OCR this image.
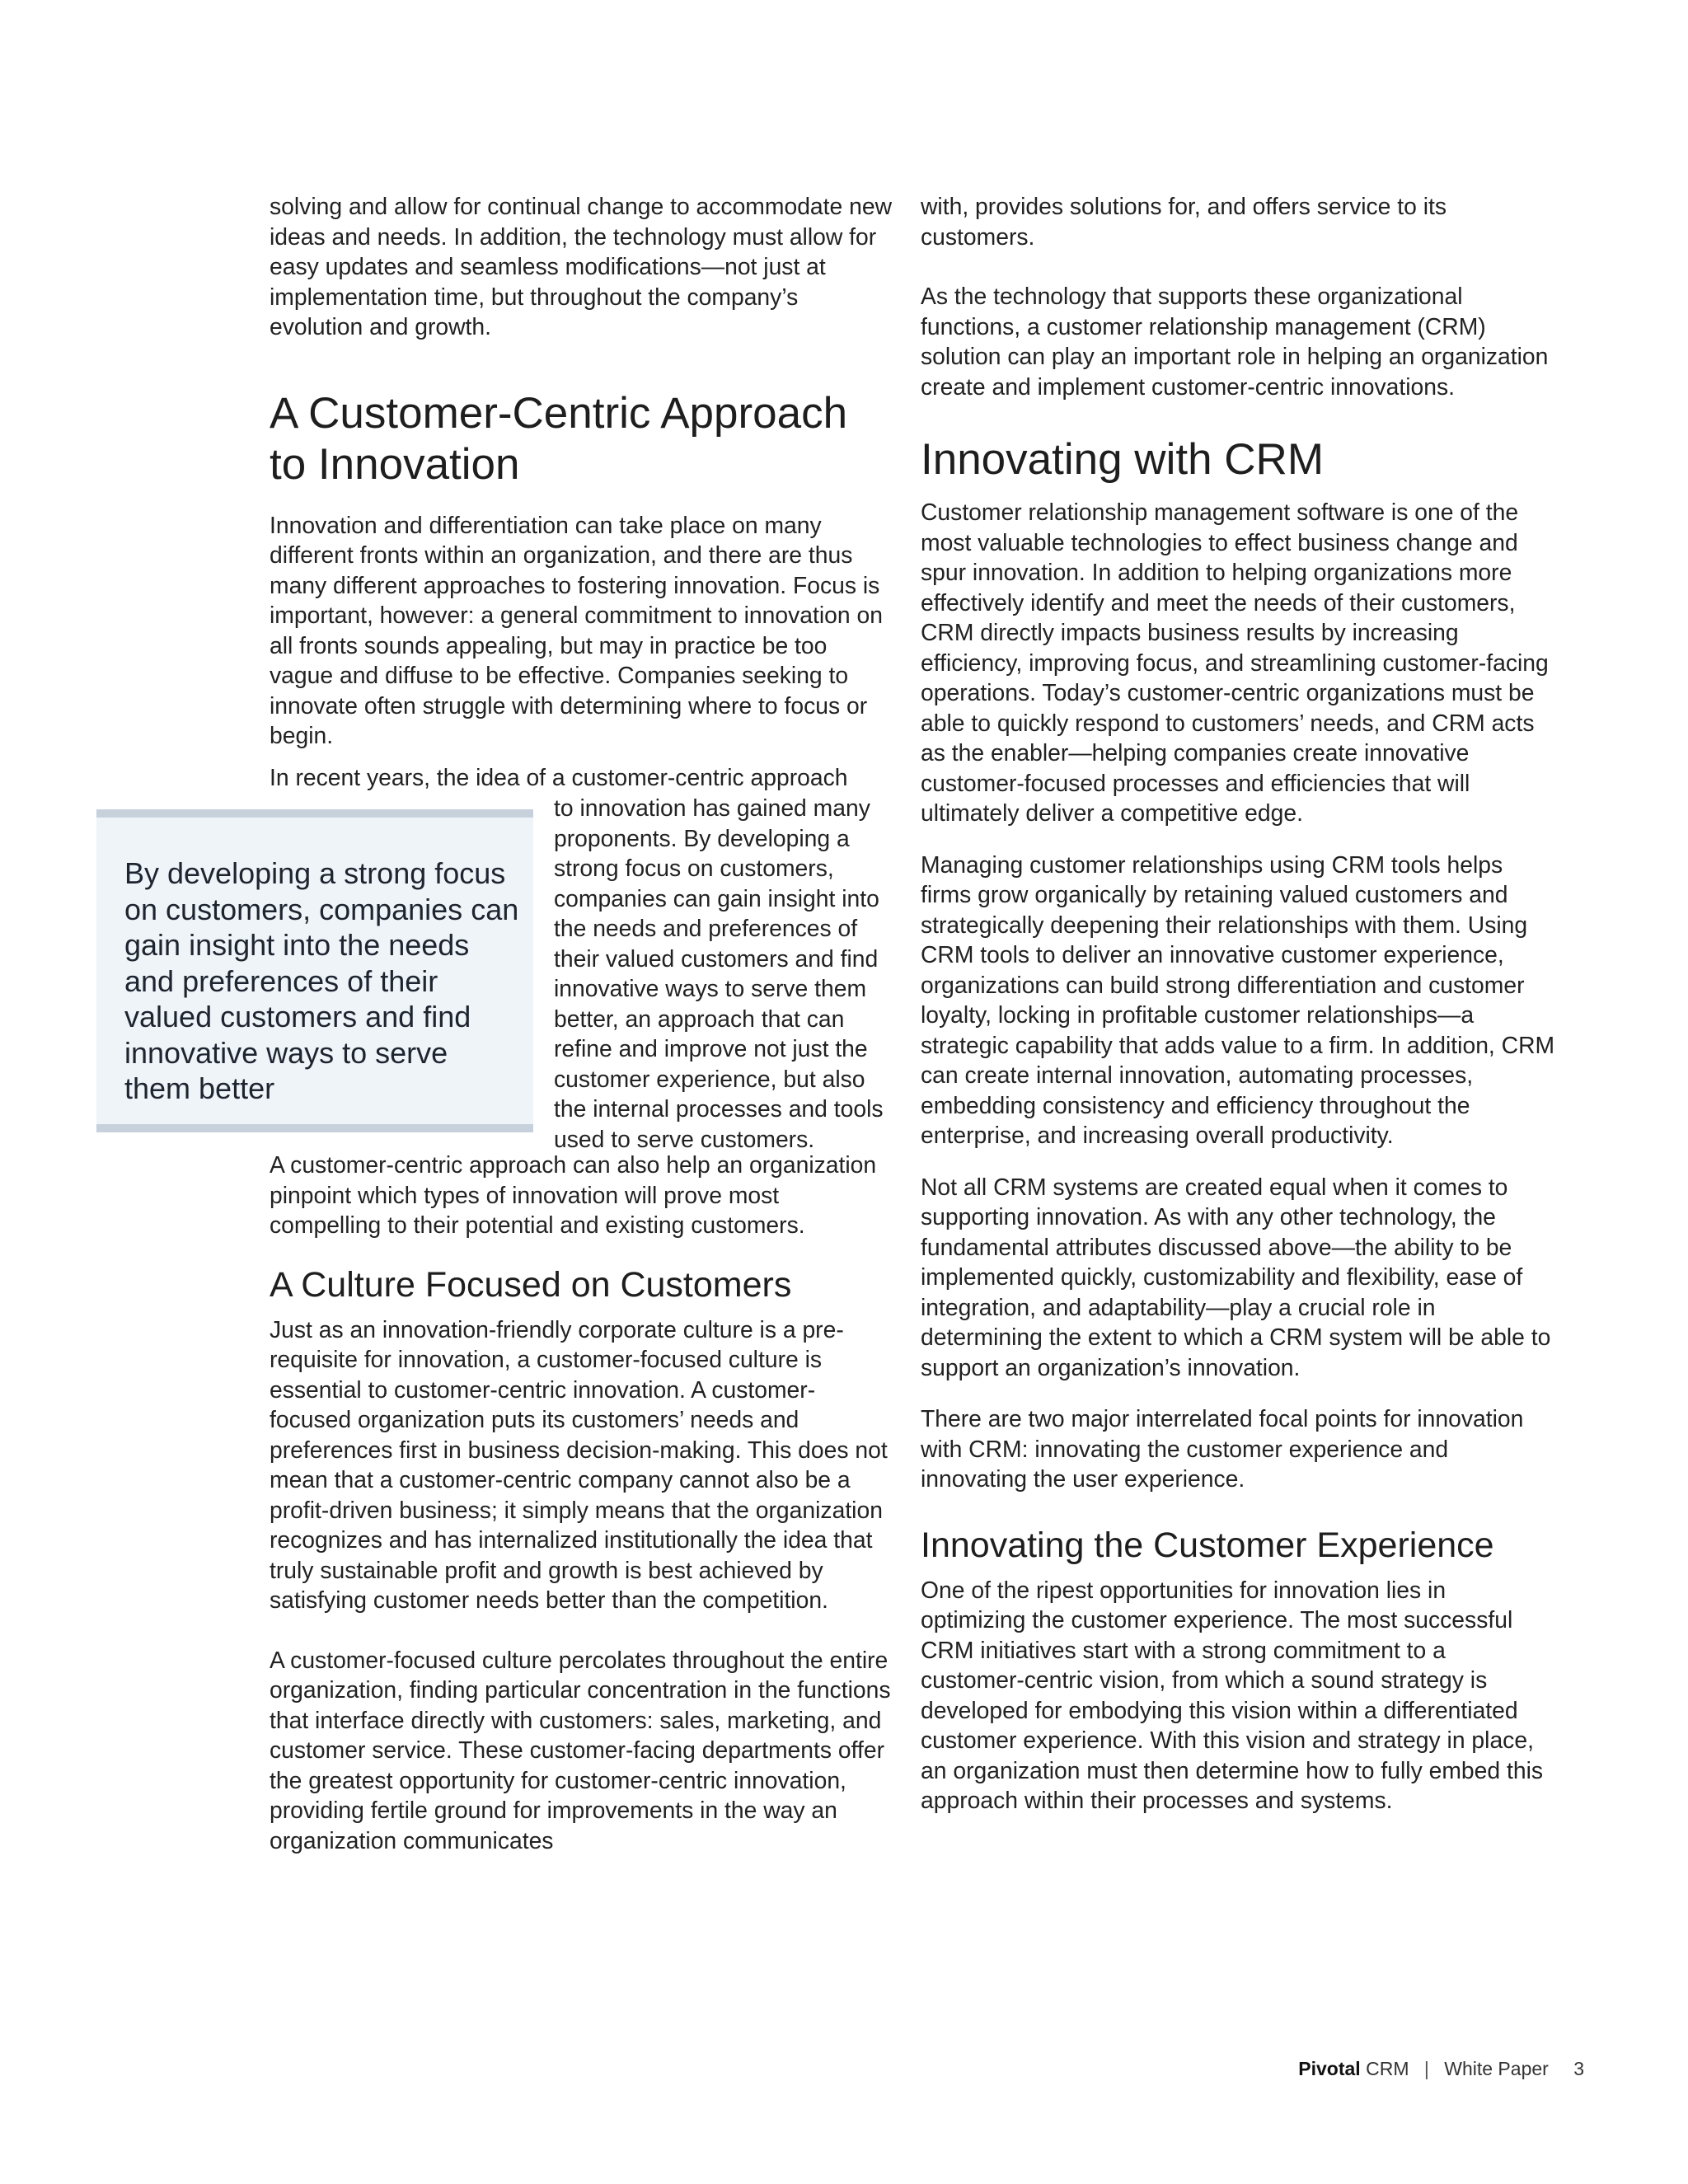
solving and allow for continual change to accommodate new ideas and needs. In addition, the technology must allow for easy updates and seamless modifications—not just at implementation time, but throughout the company’s evolution and growth.

A Customer-Centric Approach
to Innovation

Innovation and differentiation can take place on many different fronts within an organization, and there are thus many different approaches to fostering innovation. Focus is important, however: a general commitment to innovation on all fronts sounds appealing, but may in practice be too vague and diffuse to be effective. Companies seeking to innovate often struggle with determining where to focus or begin.

In recent years, the idea of a customer-centric approach
to innovation has gained many proponents. By developing a strong focus on customers, companies can gain insight into the needs and preferences of their valued customers and find innovative ways to serve them better, an approach that can refine and improve not just the customer experience, but also the internal processes and tools used to serve customers.
By developing a strong focus on customers, companies can gain insight into the needs and preferences of their valued customers and find innovative ways to serve them better

A customer-centric approach can also help an organization pinpoint which types of innovation will prove most compelling to their potential and existing customers.

A Culture Focused on Customers

Just as an innovation-friendly corporate culture is a pre-requisite for innovation, a customer-focused culture is essential to customer-centric innovation. A customer-focused organization puts its customers’ needs and preferences first in business decision-making. This does not mean that a customer-centric company cannot also be a profit-driven business; it simply means that the organization recognizes and has internalized institutionally the idea that truly sustainable profit and growth is best achieved by satisfying customer needs better than the competition.

A customer-focused culture percolates throughout the entire organization, finding particular concentration in the functions that interface directly with customers: sales, marketing, and customer service. These customer-facing departments offer the greatest opportunity for customer-centric innovation, providing fertile ground for improvements in the way an organization communicates

with, provides solutions for, and offers service to its customers.

As the technology that supports these organizational functions, a customer relationship management (CRM) solution can play an important role in helping an organization create and implement customer-centric innovations.

Innovating with CRM

Customer relationship management software is one of the most valuable technologies to effect business change and spur innovation. In addition to helping organizations more effectively identify and meet the needs of their customers, CRM directly impacts business results by increasing efficiency, improving focus, and streamlining customer-facing operations. Today’s customer-centric organizations must be able to quickly respond to customers’ needs, and CRM acts as the enabler—helping companies create innovative customer-focused processes and efficiencies that will ultimately deliver a competitive edge.

Managing customer relationships using CRM tools helps firms grow organically by retaining valued customers and strategically deepening their relationships with them. Using CRM tools to deliver an innovative customer experience, organizations can build strong differentiation and customer loyalty, locking in profitable customer relationships—a strategic capability that adds value to a firm. In addition, CRM can create internal innovation, automating processes, embedding consistency and efficiency throughout the enterprise, and increasing overall productivity.

Not all CRM systems are created equal when it comes to supporting innovation. As with any other technology, the fundamental attributes discussed above—the ability to be implemented quickly, customizability and flexibility, ease of integration, and adaptability—play a crucial role in determining the extent to which a CRM system will be able to support an organization’s innovation.

There are two major interrelated focal points for innovation with CRM: innovating the customer experience and innovating the user experience.

Innovating the Customer Experience

One of the ripest opportunities for innovation lies in optimizing the customer experience. The most successful CRM initiatives start with a strong commitment to a customer-centric vision, from which a sound strategy is developed for embodying this vision within a differentiated customer experience. With this vision and strategy in place, an organization must then determine how to fully embed this approach within their processes and systems.

Pivotal CRM | White Paper 3
